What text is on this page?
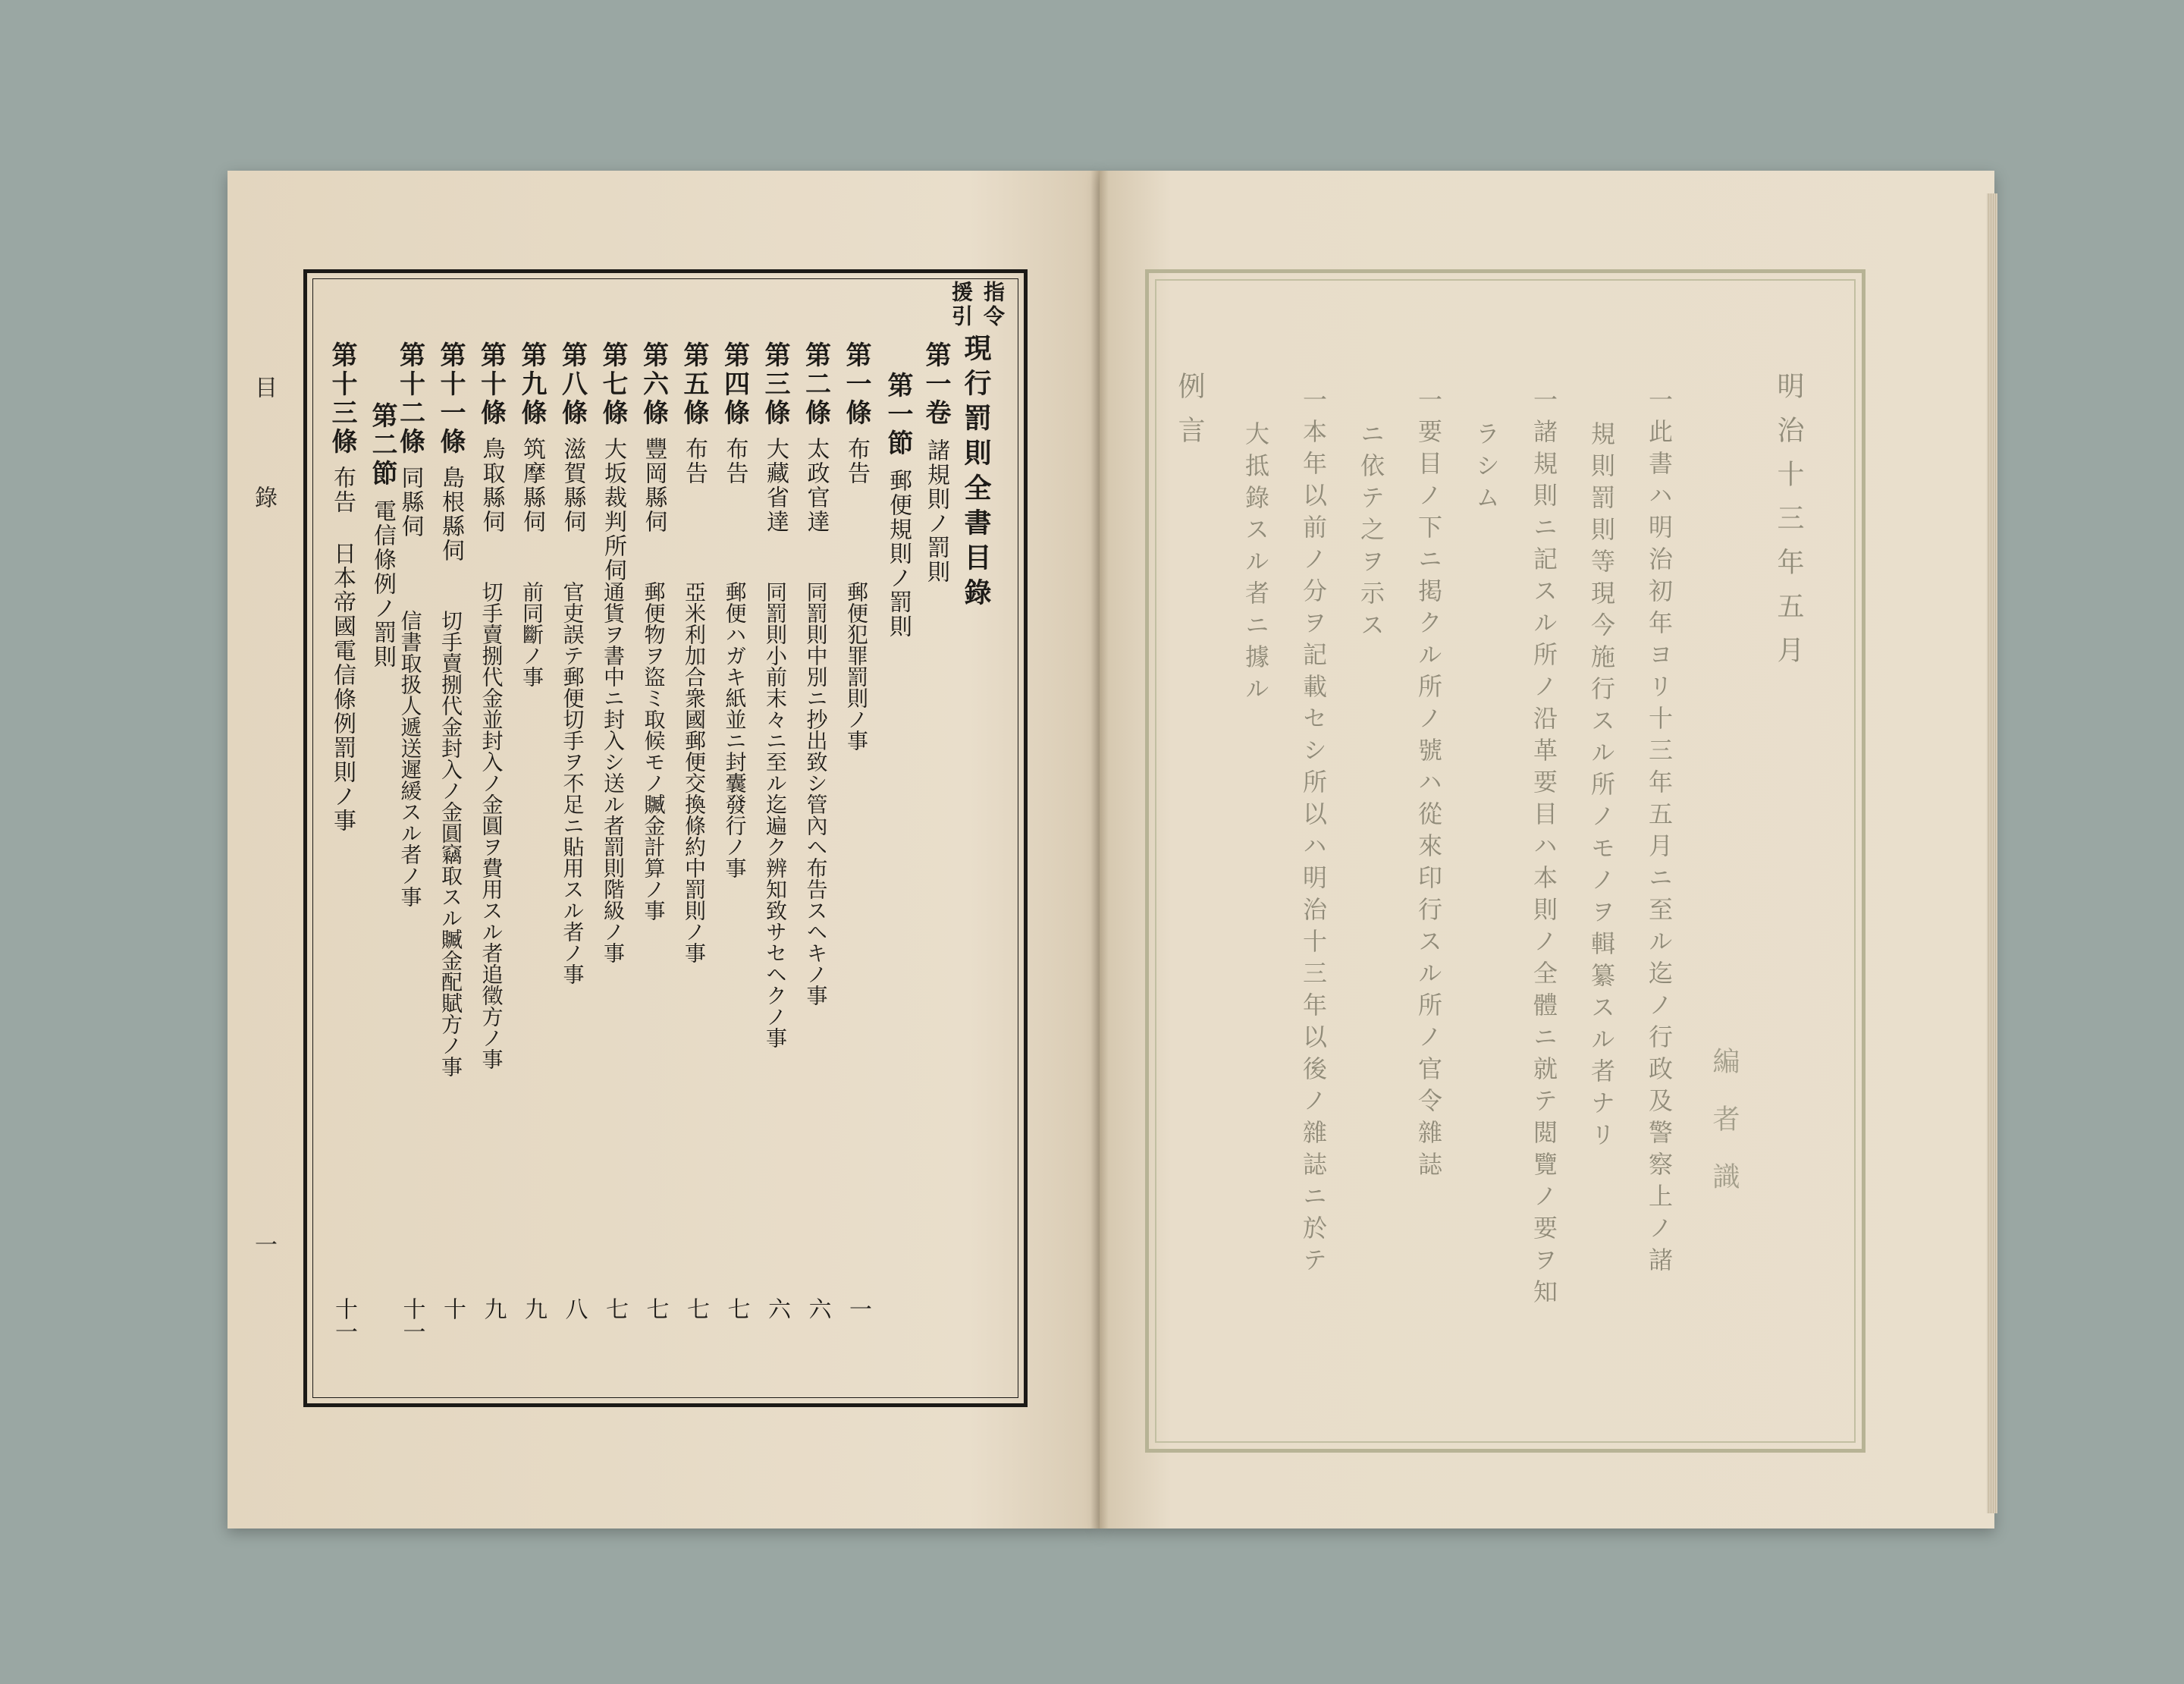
目 錄
一
指令
援引
現行罰則全書目錄
第一卷
諸規則ノ罰則
第一節
郵便規則ノ罰則
第一條
布告
郵便犯罪罰則ノ事
一
第二條
太政官達
同罰則中別ニ抄出致シ管內ヘ布告スヘキノ事
六
第三條
大藏省達
同罰則小前末々ニ至ル迄遍ク辨知致サセヘクノ事
六
第四條
布告
郵便ハガキ紙並ニ封囊發行ノ事
七
第五條
布告
亞米利加合衆國郵便交換條約中罰則ノ事
七
第六條
豐岡縣伺
郵便物ヲ盜ミ取候モノ贓金計算ノ事
七
第七條
大坂裁判所伺
通貨ヲ書中ニ封入シ送ル者罰則階級ノ事
七
第八條
滋賀縣伺
官吏誤テ郵便切手ヲ不足ニ貼用スル者ノ事
八
第九條
筑摩縣伺
前同斷ノ事
九
第十條
鳥取縣伺
切手賣捌代金並封入ノ金圓ヲ費用スル者追徵方ノ事
九
第十一條
島根縣伺
切手賣捌代金封入ノ金圓竊取スル贓金配賦方ノ事
十
第十二條
同縣伺
信書取扱人遞送遲緩スル者ノ事
十一
第二節
電信條例ノ罰則
第十三條
布告
日本帝國電信條例罰則ノ事
十一
明治十三年五月
編者識
一此書ハ明治初年ヨリ十三年五月ニ至ル迄ノ行政及警察上ノ諸
規則罰則等現今施行スル所ノモノヲ輯纂スル者ナリ
一諸規則ニ記スル所ノ沿革要目ハ本則ノ全體ニ就テ閲覽ノ要ヲ知
ラシム
一要目ノ下ニ掲クル所ノ號ハ從來印行スル所ノ官令雜誌
ニ依テ之ヲ示ス
一本年以前ノ分ヲ記載セシ所以ハ明治十三年以後ノ雜誌ニ於テ
大抵錄スル者ニ據ル
例言
